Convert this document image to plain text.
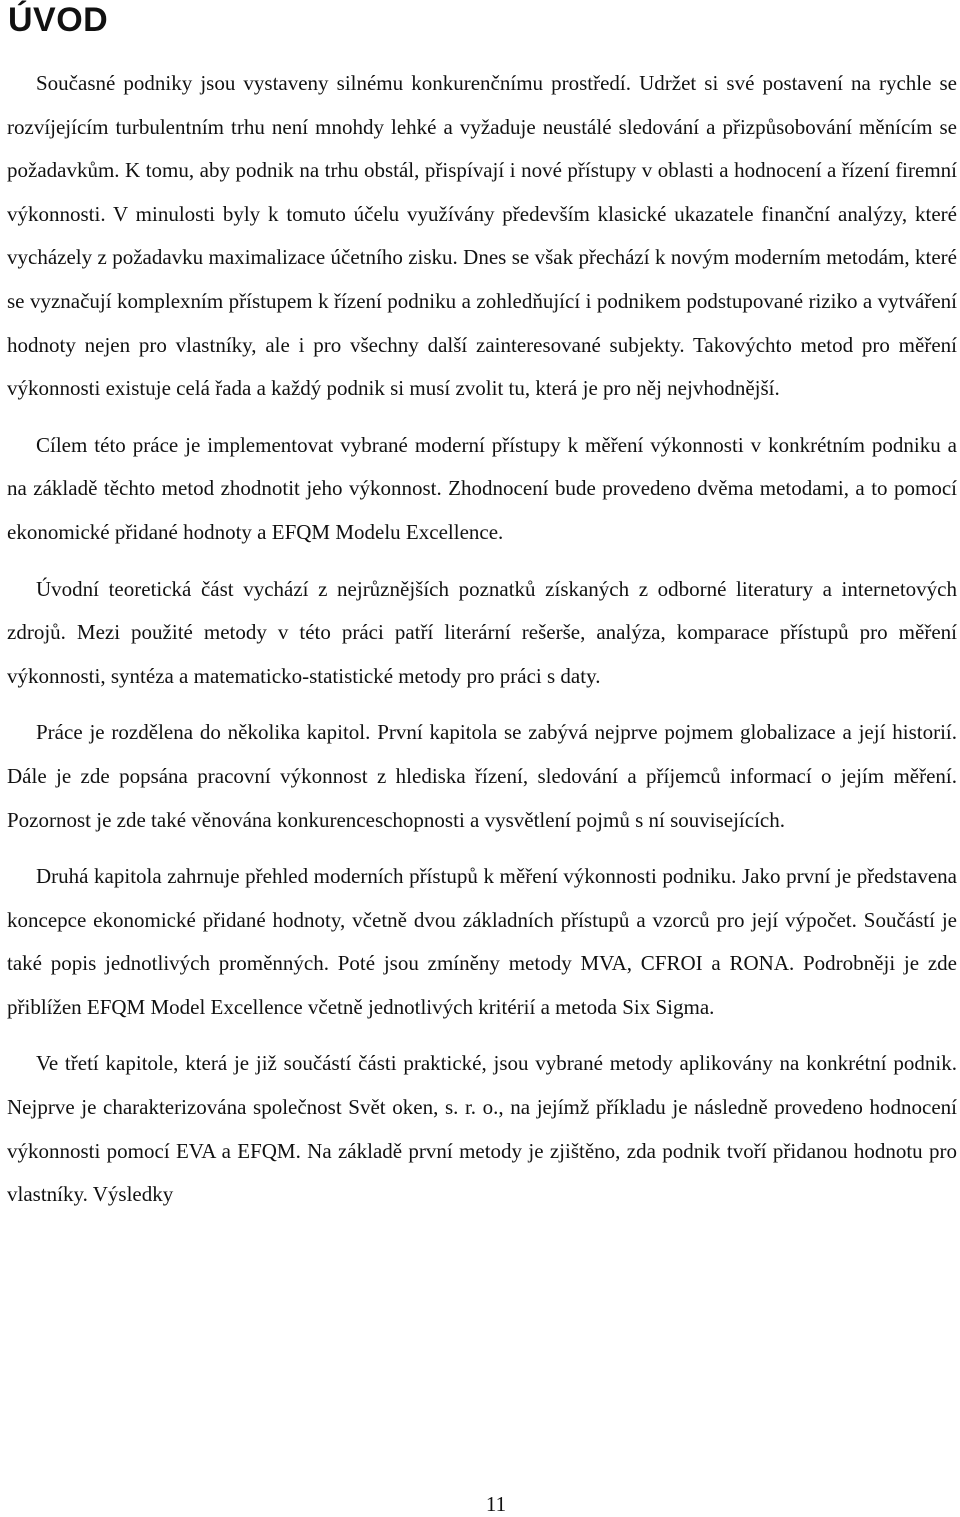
ÚVOD

Současné podniky jsou vystaveny silnému konkurenčnímu prostředí. Udržet si své postavení na rychle se rozvíjejícím turbulentním trhu není mnohdy lehké a vyžaduje neustálé sledování a přizpůsobování měnícím se požadavkům. K tomu, aby podnik na trhu obstál, přispívají i nové přístupy v oblasti a hodnocení a řízení firemní výkonnosti. V minulosti byly k tomuto účelu využívány především klasické ukazatele finanční analýzy, které vycházely z požadavku maximalizace účetního zisku. Dnes se však přechází k novým moderním metodám, které se vyznačují komplexním přístupem k řízení podniku a zohledňující i podnikem podstupované riziko a vytváření hodnoty nejen pro vlastníky, ale i pro všechny další zainteresované subjekty. Takovýchto metod pro měření výkonnosti existuje celá řada a každý podnik si musí zvolit tu, která je pro něj nejvhodnější.

Cílem této práce je implementovat vybrané moderní přístupy k měření výkonnosti v konkrétním podniku a na základě těchto metod zhodnotit jeho výkonnost. Zhodnocení bude provedeno dvěma metodami, a to pomocí ekonomické přidané hodnoty a EFQM Modelu Excellence.

Úvodní teoretická část vychází z nejrůznějších poznatků získaných z odborné literatury a internetových zdrojů. Mezi použité metody v této práci patří literární rešerše, analýza, komparace přístupů pro měření výkonnosti, syntéza a matematicko-statistické metody pro práci s daty.

Práce je rozdělena do několika kapitol. První kapitola se zabývá nejprve pojmem globalizace a její historií. Dále je zde popsána pracovní výkonnost z hlediska řízení, sledování a příjemců informací o jejím měření. Pozornost je zde také věnována konkurenceschopnosti a vysvětlení pojmů s ní souvisejících.

Druhá kapitola zahrnuje přehled moderních přístupů k měření výkonnosti podniku. Jako první je představena koncepce ekonomické přidané hodnoty, včetně dvou základních přístupů a vzorců pro její výpočet. Součástí je také popis jednotlivých proměnných. Poté jsou zmíněny metody MVA, CFROI a RONA. Podrobněji je zde přiblížen EFQM Model Excellence včetně jednotlivých kritérií a metoda Six Sigma.

Ve třetí kapitole, která je již součástí části praktické, jsou vybrané metody aplikovány na konkrétní podnik. Nejprve je charakterizována společnost Svět oken, s. r. o., na jejímž příkladu je následně provedeno hodnocení výkonnosti pomocí EVA a EFQM. Na základě první metody je zjištěno, zda podnik tvoří přidanou hodnotu pro vlastníky. Výsledky

11
